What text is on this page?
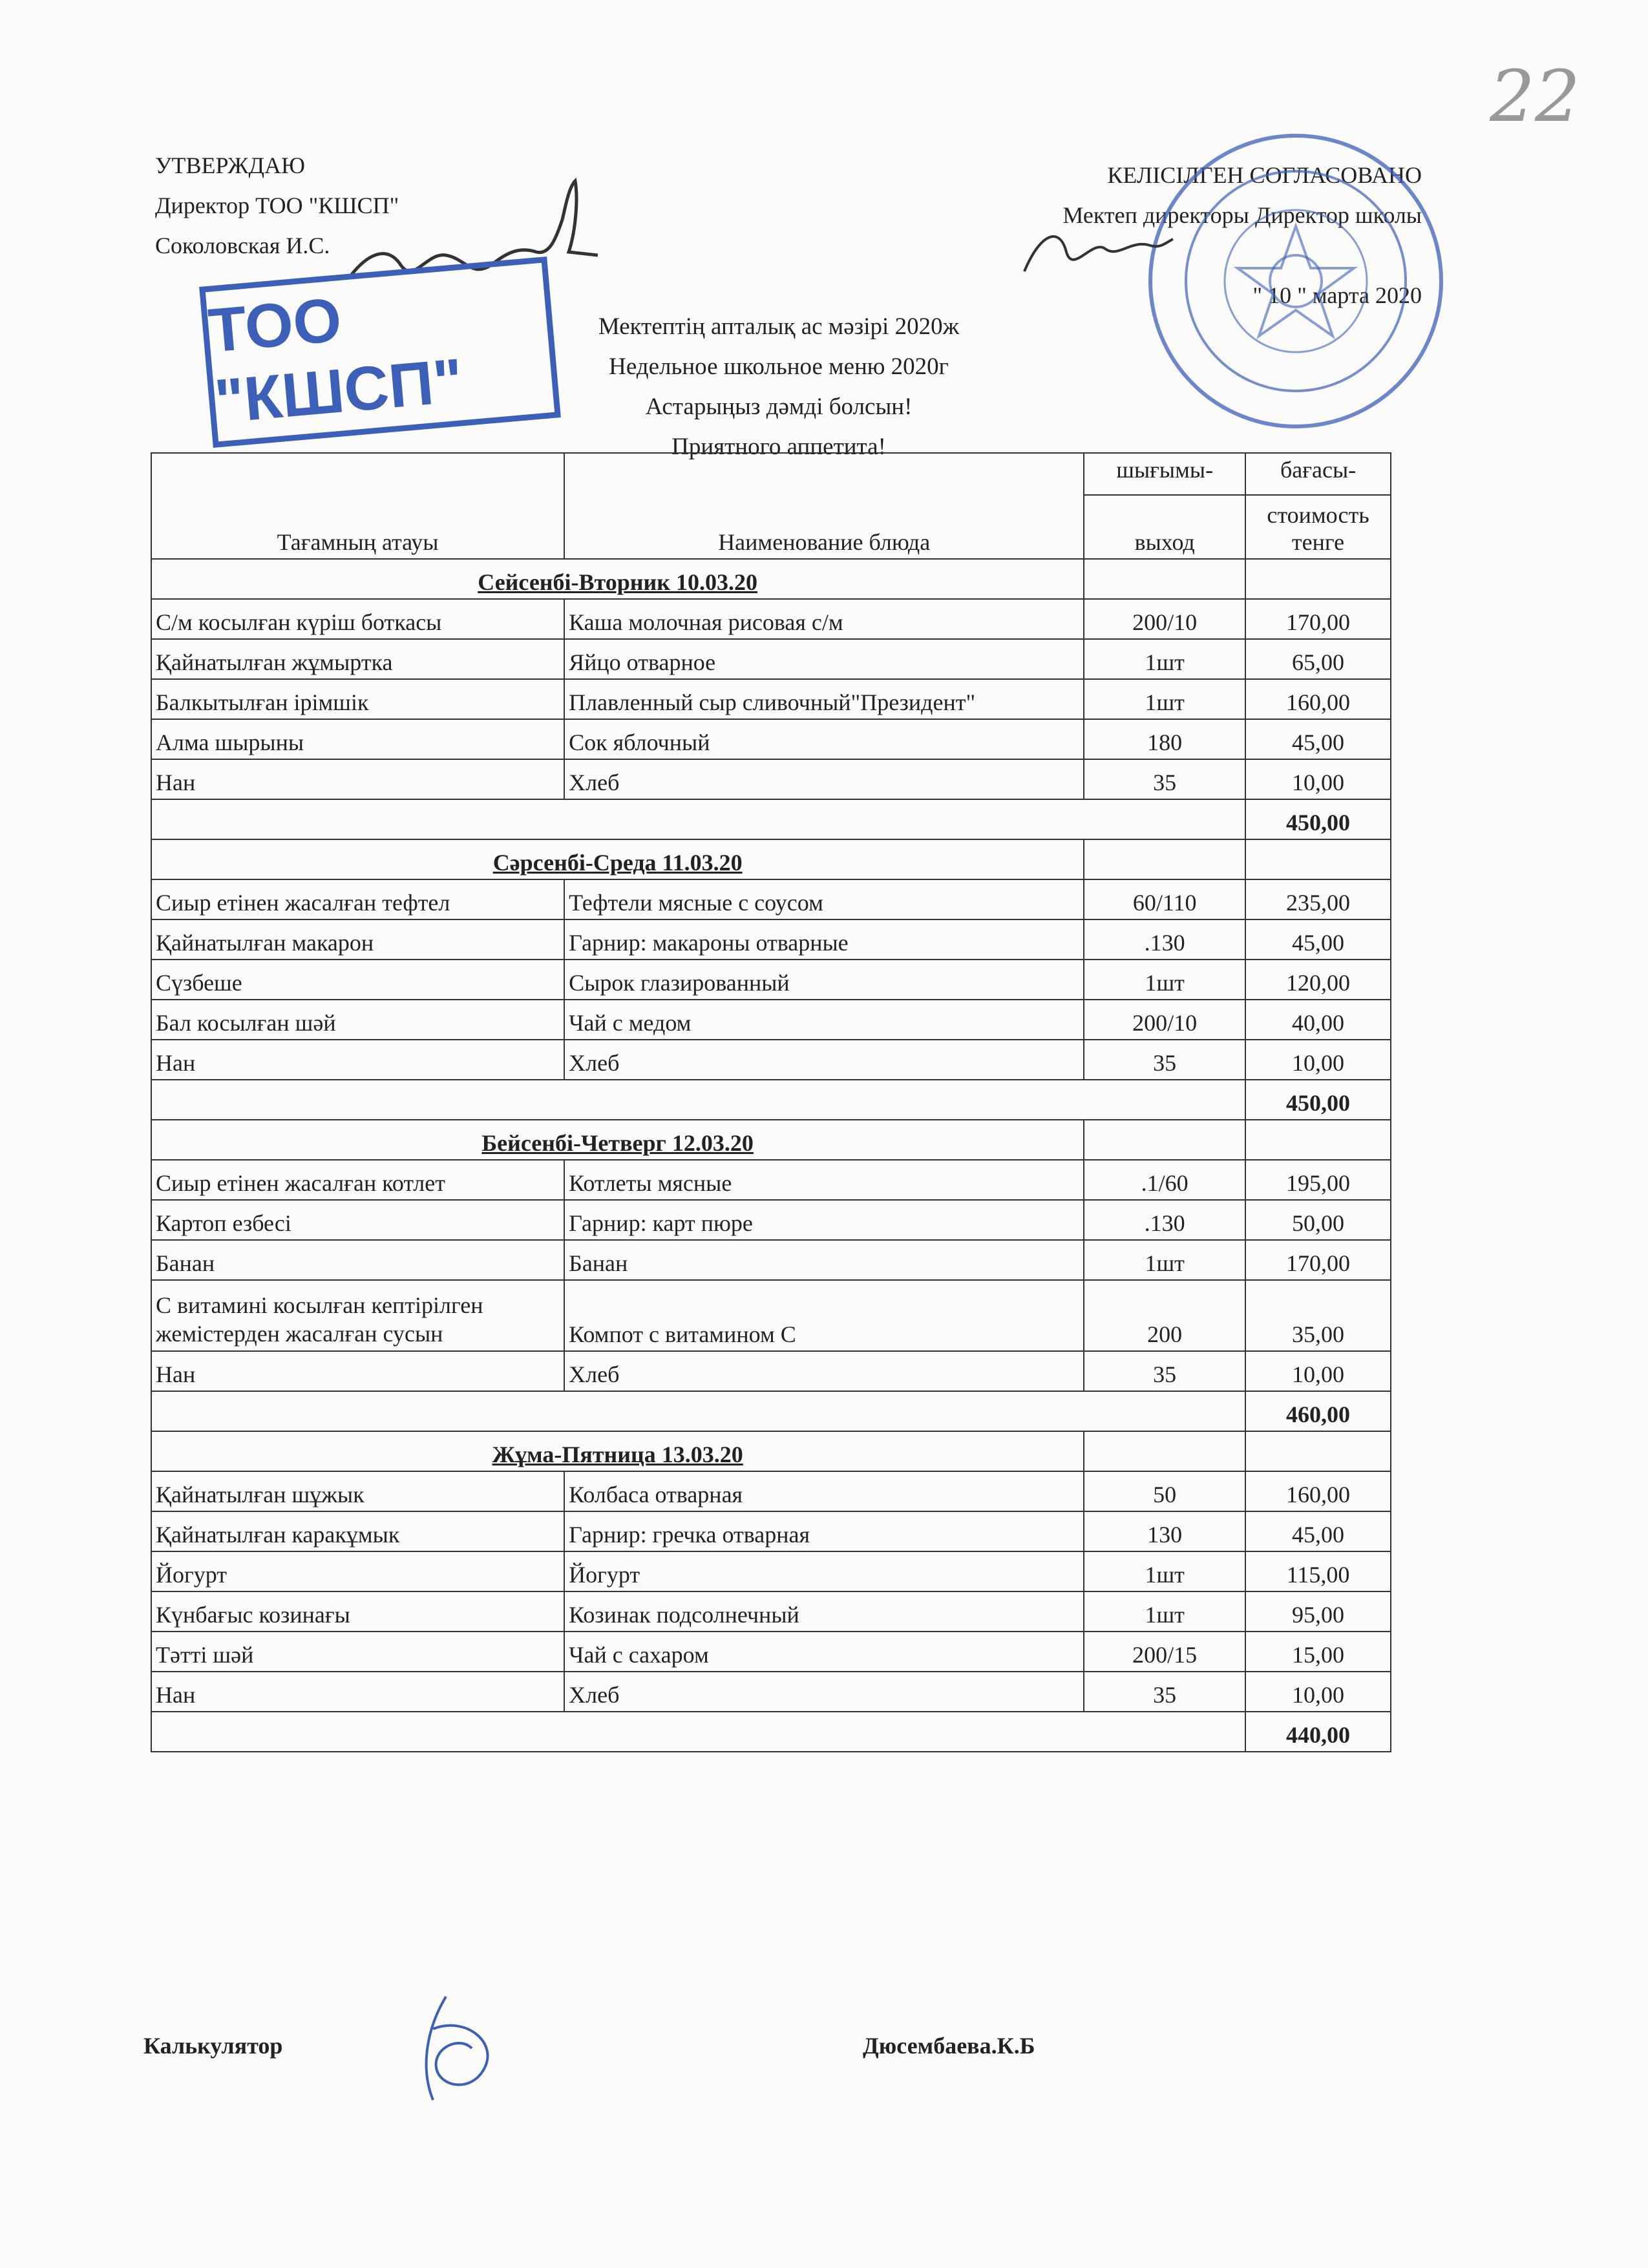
22
УТВЕРЖДАЮ
Директор ТОО "КШСП"
Соколовская И.С.
КЕЛІСІЛГЕН СОГЛАСОВАНО
Мектеп директоры Директор школы
" 10 " марта 2020
ТОО "КШСП"
Мектептің апталық ас мәзірі 2020ж
Недельное школьное меню 2020г
Астарыңыз дәмді болсын!
Приятного аппетита!
Тағамның атауы	Наименование блюда	шығымы-	бағасы-
		выход	стоимость
тенге

Сейсенбі-Вторник 10.03.20			
С/м косылған күріш боткасы	Каша молочная рисовая с/м	200/10	170,00
Қайнатылған жұмыртка	Яйцо отварное	1шт	65,00
Балкытылған ірімшік	Плавленный сыр сливочный"Президент"	1шт	160,00
Алма шырыны	Сок яблочный	180	45,00
Нан	Хлеб	35	10,00
			450,00
Сәрсенбі-Среда 11.03.20			
Сиыр етінен жасалған тефтел	Тефтели мясные с соусом	60/110	235,00
Қайнатылған макарон	Гарнир: макароны отварные	.130	45,00
Сүзбеше	Сырок глазированный	1шт	120,00
Бал косылған шәй	Чай с медом	200/10	40,00
Нан	Хлеб	35	10,00
			450,00
Бейсенбі-Четверг 12.03.20			
Сиыр етінен жасалған котлет	Котлеты мясные	.1/60	195,00
Картоп езбесі	Гарнир: карт пюре	.130	50,00
Банан	Банан	1шт	170,00
С витамині косылған кептірілген жемістерден жасалған сусын	Компот с витамином С	200	35,00
Нан	Хлеб	35	10,00
			460,00
Жұма-Пятница 13.03.20			
Қайнатылған шұжык	Колбаса отварная	50	160,00
Қайнатылған каракұмык	Гарнир: гречка отварная	130	45,00
Йогурт	Йогурт	1шт	115,00
Күнбағыс козинағы	Козинак подсолнечный	1шт	95,00
Тәтті шәй	Чай с сахаром	200/15	15,00
Нан	Хлеб	35	10,00
			440,00
Калькулятор	Дюсембаева.К.Б
